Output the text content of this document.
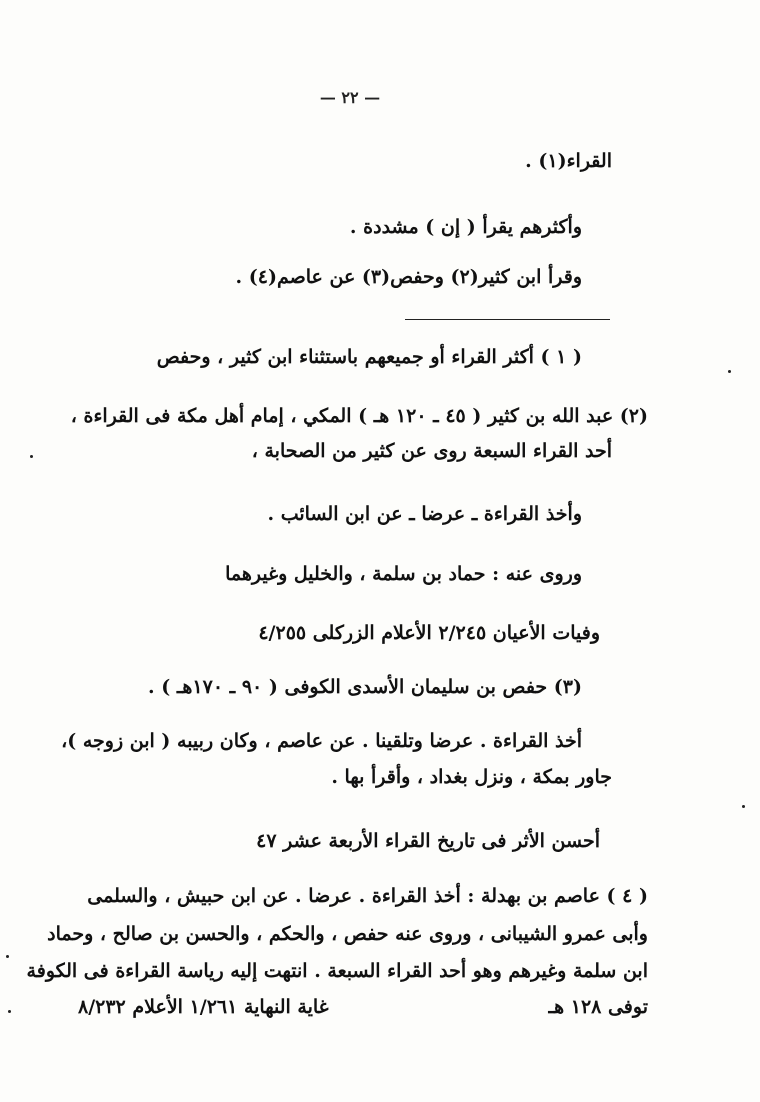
— ٢٢ —
القراء(١) .
وأكثرهم يقرأ ( إن ) مشددة .
وقرأ ابن كثير(٢) وحفص(٣) عن عاصم(٤) .
( ١ ) أكثر القراء أو جميعهم باستثناء ابن كثير ، وحفص
(٢) عبد الله بن كثير ( ٤٥ ـ ١٢٠ هـ ) المكي ، إمام أهل مكة فى القراءة ،
أحد القراء السبعة روى عن كثير من الصحابة ،
وأخذ القراءة ـ عرضا ـ عن ابن السائب .
وروى عنه : حماد بن سلمة ، والخليل وغيرهما
وفيات الأعيان ٢/٢٤٥ الأعلام الزركلى ٤/٢٥٥
(٣) حفص بن سليمان الأسدى الكوفى ( ٩٠ ـ ١٧٠هـ ) .
أخذ القراءة . عرضا وتلقينا . عن عاصم ، وكان ربيبه ( ابن زوجه )،
جاور بمكة ، ونزل بغداد ، وأقرأ بها .
أحسن الأثر فى تاريخ القراء الأربعة عشر ٤٧
( ٤ ) عاصم بن بهدلة : أخذ القراءة . عرضا . عن ابن حبيش ، والسلمى
وأبى عمرو الشيبانى ، وروى عنه حفص ، والحكم ، والحسن بن صالح ، وحماد
ابن سلمة وغيرهم وهو أحد القراء السبعة . انتهت إليه رياسة القراءة فى الكوفة
توفى ١٢٨ هـ
غاية النهاية ١/٢٦١ الأعلام ٨/٢٣٢
